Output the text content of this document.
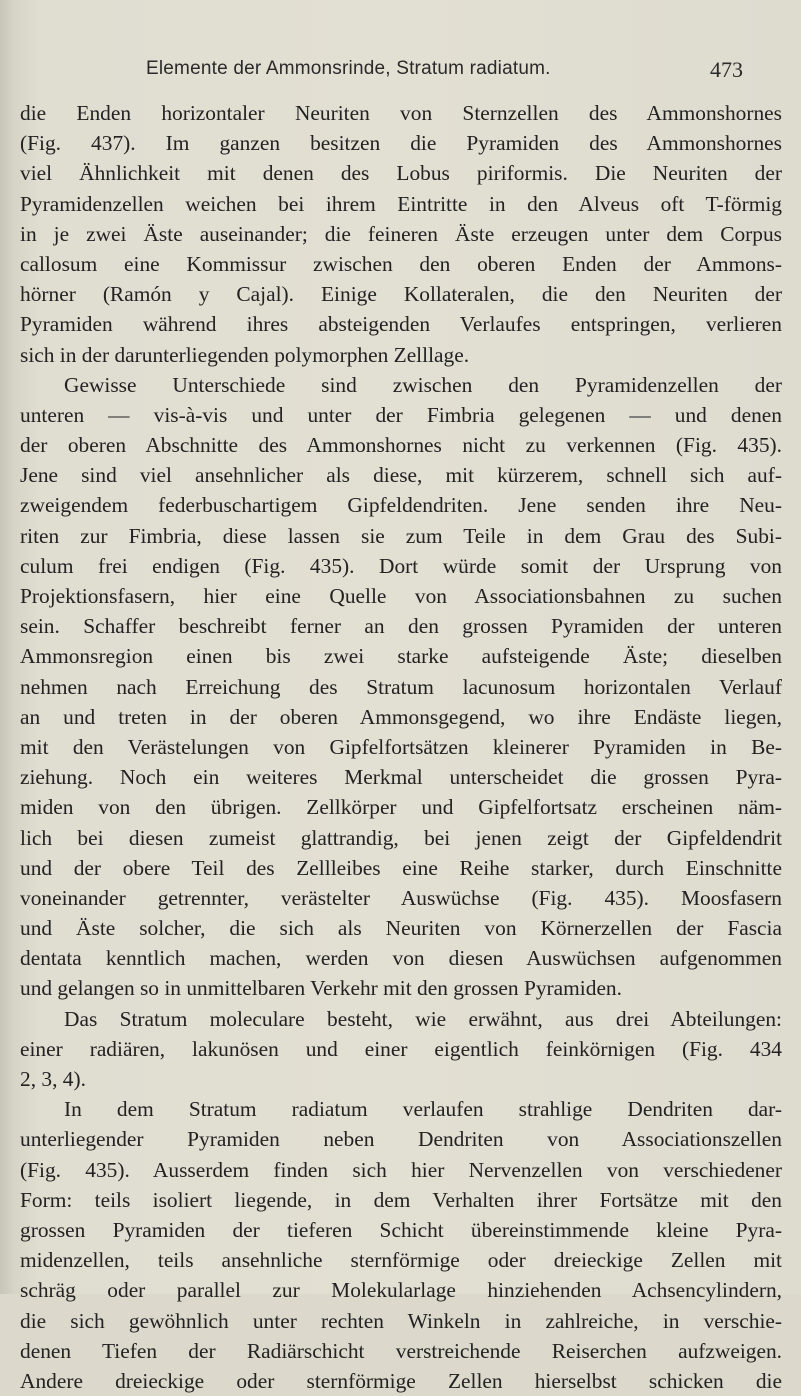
Elemente der Ammonsrinde, Stratum radiatum.	473
die Enden horizontaler Neuriten von Sternzellen des Ammonshornes
(Fig. 437). Im ganzen besitzen die Pyramiden des Ammonshornes
viel Ähnlichkeit mit denen des Lobus piriformis. Die Neuriten der
Pyramidenzellen weichen bei ihrem Eintritte in den Alveus oft T-förmig
in je zwei Äste auseinander; die feineren Äste erzeugen unter dem Corpus
callosum eine Kommissur zwischen den oberen Enden der Ammons-
hörner (Ramón y Cajal). Einige Kollateralen, die den Neuriten der
Pyramiden während ihres absteigenden Verlaufes entspringen, verlieren
sich in der darunterliegenden polymorphen Zelllage.
Gewisse Unterschiede sind zwischen den Pyramidenzellen der
unteren — vis-à-vis und unter der Fimbria gelegenen — und denen
der oberen Abschnitte des Ammonshornes nicht zu verkennen (Fig. 435).
Jene sind viel ansehnlicher als diese, mit kürzerem, schnell sich auf-
zweigendem federbuschartigem Gipfeldendriten. Jene senden ihre Neu-
riten zur Fimbria, diese lassen sie zum Teile in dem Grau des Subi-
culum frei endigen (Fig. 435). Dort würde somit der Ursprung von
Projektionsfasern, hier eine Quelle von Associationsbahnen zu suchen
sein. Schaffer beschreibt ferner an den grossen Pyramiden der unteren
Ammonsregion einen bis zwei starke aufsteigende Äste; dieselben
nehmen nach Erreichung des Stratum lacunosum horizontalen Verlauf
an und treten in der oberen Ammonsgegend, wo ihre Endäste liegen,
mit den Verästelungen von Gipfelfortsätzen kleinerer Pyramiden in Be-
ziehung. Noch ein weiteres Merkmal unterscheidet die grossen Pyra-
miden von den übrigen. Zellkörper und Gipfelfortsatz erscheinen näm-
lich bei diesen zumeist glattrandig, bei jenen zeigt der Gipfeldendrit
und der obere Teil des Zellleibes eine Reihe starker, durch Einschnitte
voneinander getrennter, verästelter Auswüchse (Fig. 435). Moosfasern
und Äste solcher, die sich als Neuriten von Körnerzellen der Fascia
dentata kenntlich machen, werden von diesen Auswüchsen aufgenommen
und gelangen so in unmittelbaren Verkehr mit den grossen Pyramiden.
Das Stratum moleculare besteht, wie erwähnt, aus drei Abteilungen:
einer radiären, lakunösen und einer eigentlich feinkörnigen (Fig. 434
2, 3, 4).
In dem Stratum radiatum verlaufen strahlige Dendriten dar-
unterliegender Pyramiden neben Dendriten von Associationszellen
(Fig. 435). Ausserdem finden sich hier Nervenzellen von verschiedener
Form: teils isoliert liegende, in dem Verhalten ihrer Fortsätze mit den
grossen Pyramiden der tieferen Schicht übereinstimmende kleine Pyra-
midenzellen, teils ansehnliche sternförmige oder dreieckige Zellen mit
schräg oder parallel zur Molekularlage hinziehenden Achsencylindern,
die sich gewöhnlich unter rechten Winkeln in zahlreiche, in verschie-
denen Tiefen der Radiärschicht verstreichende Reiserchen aufzweigen.
Andere dreieckige oder sternförmige Zellen hierselbst schicken die
